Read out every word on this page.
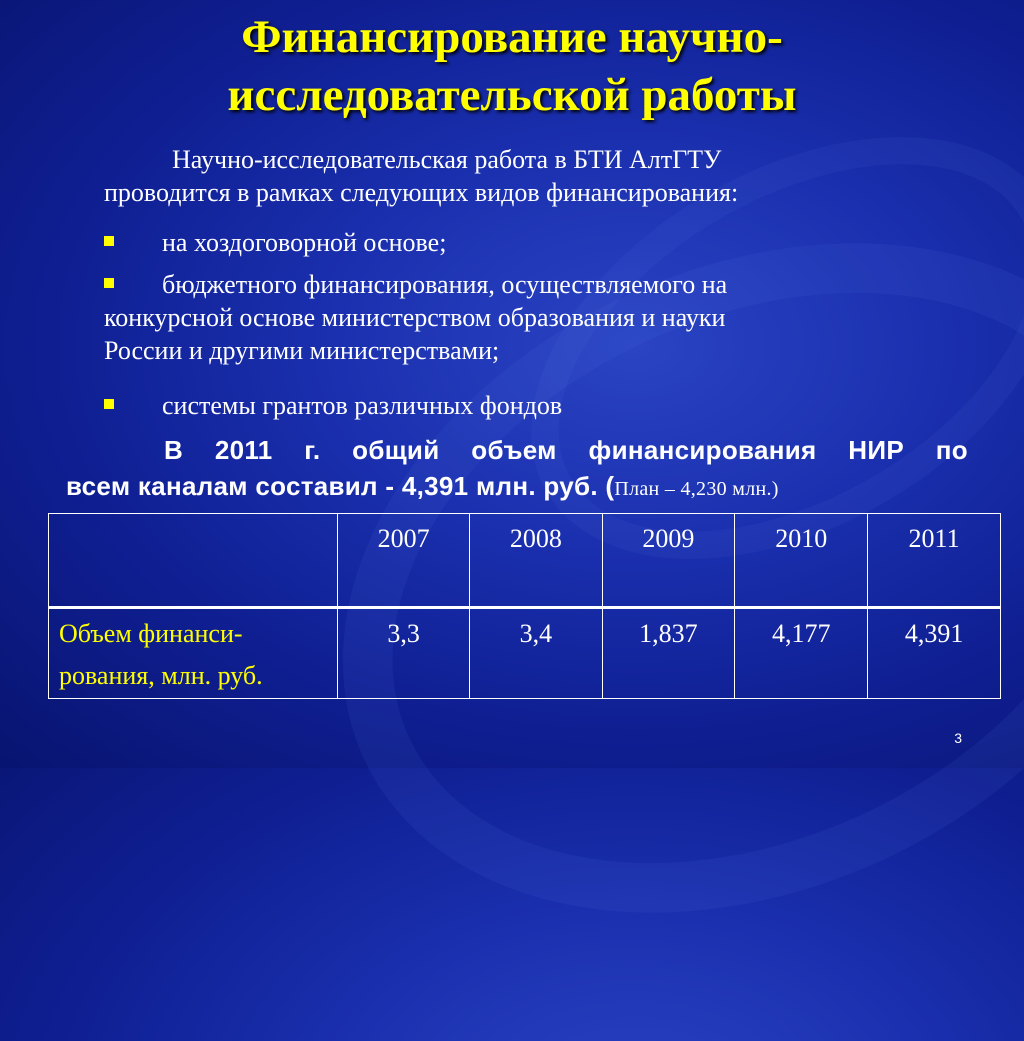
Финансирование научно-
исследовательской работы
Научно-исследовательская работа в БТИ АлтГТУ
проводится в рамках следующих видов финансирования:
на хоздоговорной основе;
бюджетного финансирования, осуществляемого на
конкурсной основе министерством образования и науки
России и другими министерствами;
системы грантов различных фондов
В 2011 г. общий объем финансирования НИР по
всем каналам составил - 4,391 млн. руб. (План – 4,230 млн.)
	2007	2008	2009	2010	2011

Объем финанси-
рования, млн. руб.	3,3	3,4	1,837	4,177	4,391
3
